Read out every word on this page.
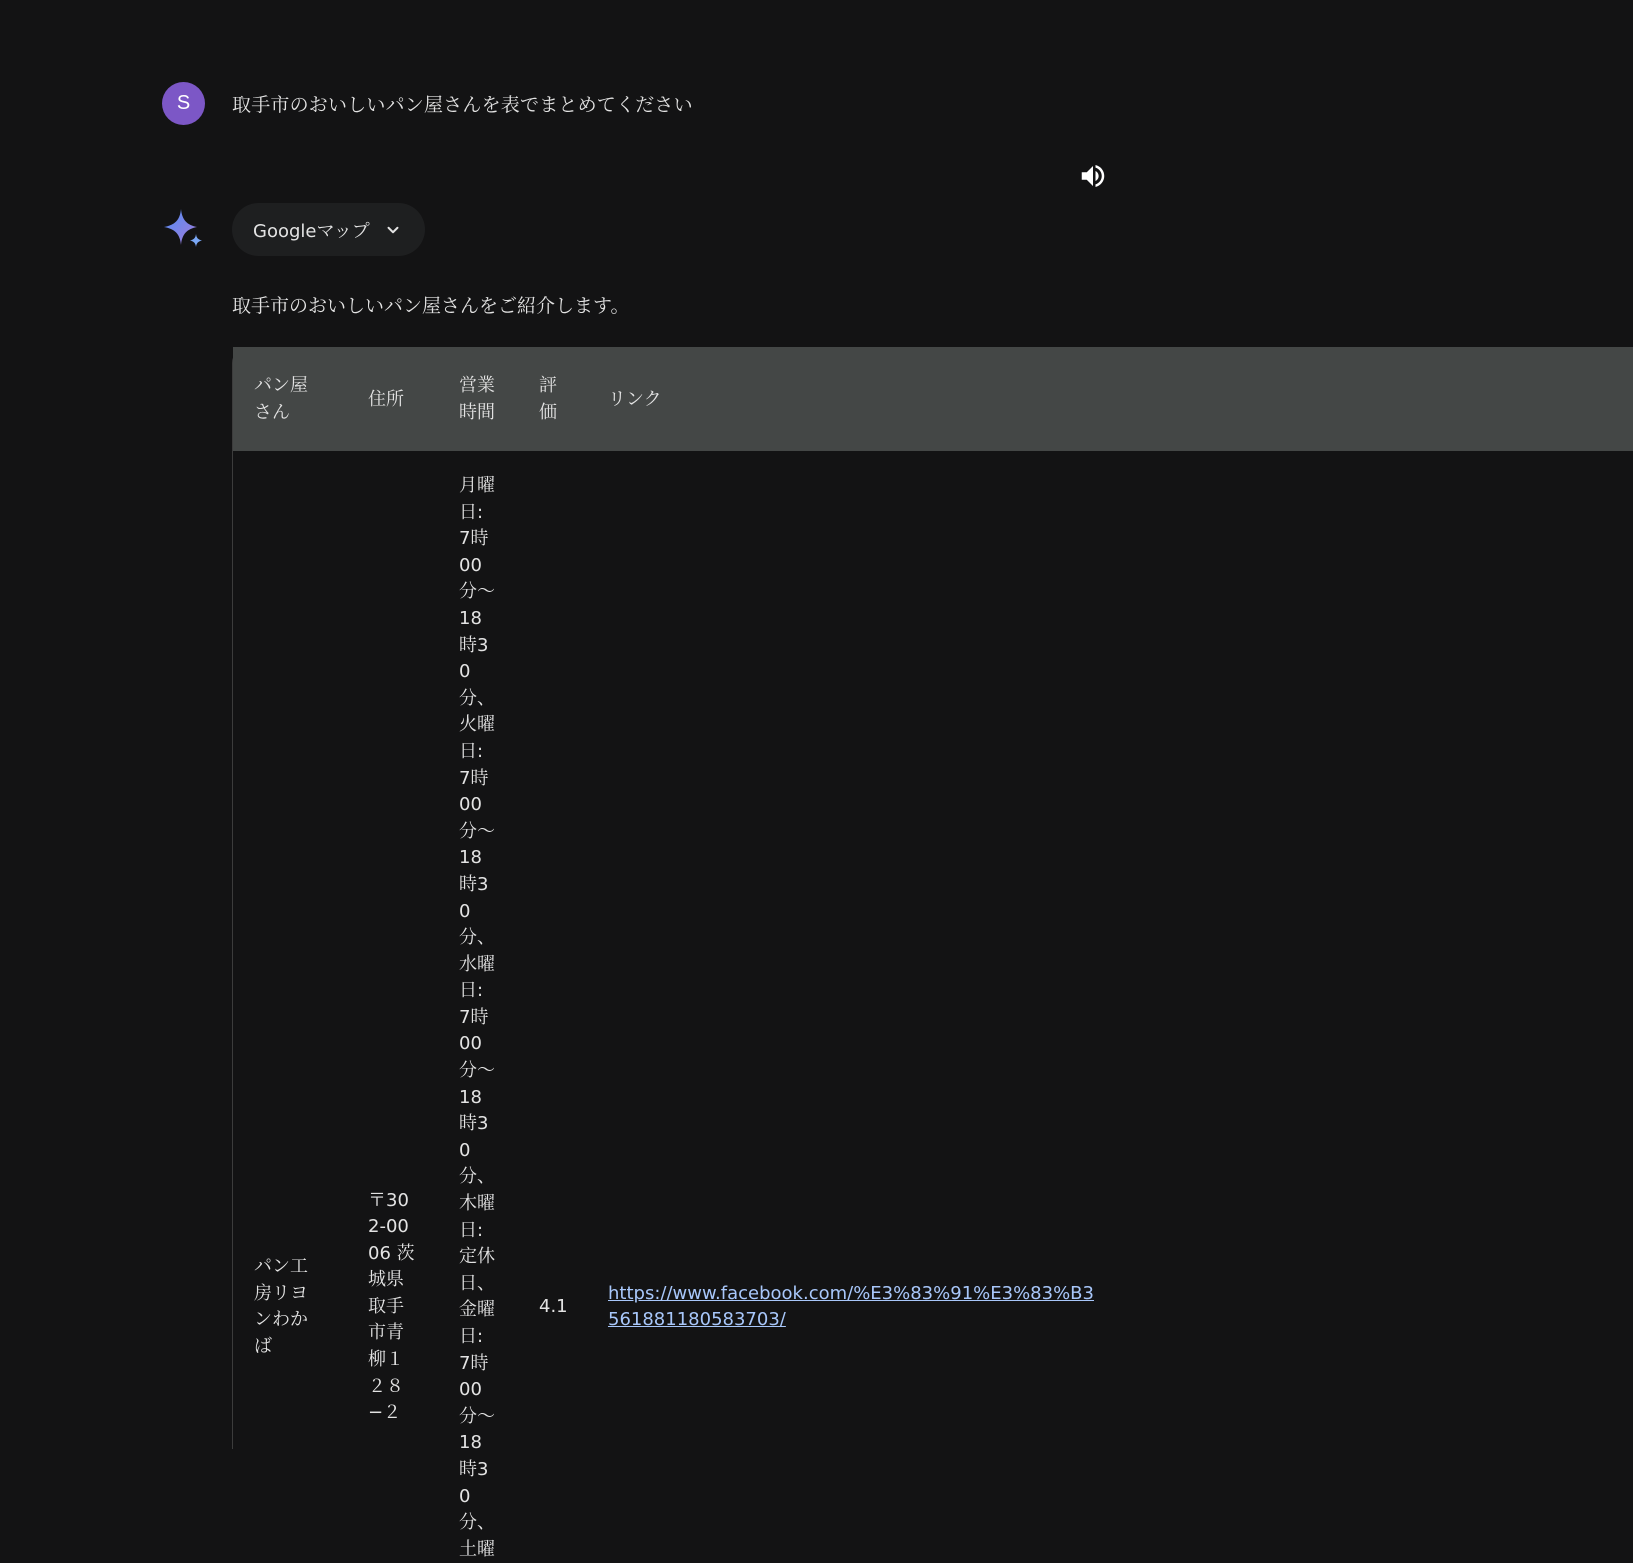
S 取手市のおいしいパン屋さんを表でまとめてください
Googleマップ
取手市のおいしいパン屋さんをご紹介します。
パン屋さん	住所	営業時間	評価	リンク

パン工房リヨンわかば	〒302-0006 茨城県取手市青柳１２８−２	月曜日: 7時00分～18時30分、火曜日: 7時00分～18時30分、水曜日: 7時00分～18時30分、木曜日: 定休日、金曜日: 7時00分～18時30分、土曜	4.1	https://www.facebook.com/%E3%83%91%E3%83%B3
561881180583703/
